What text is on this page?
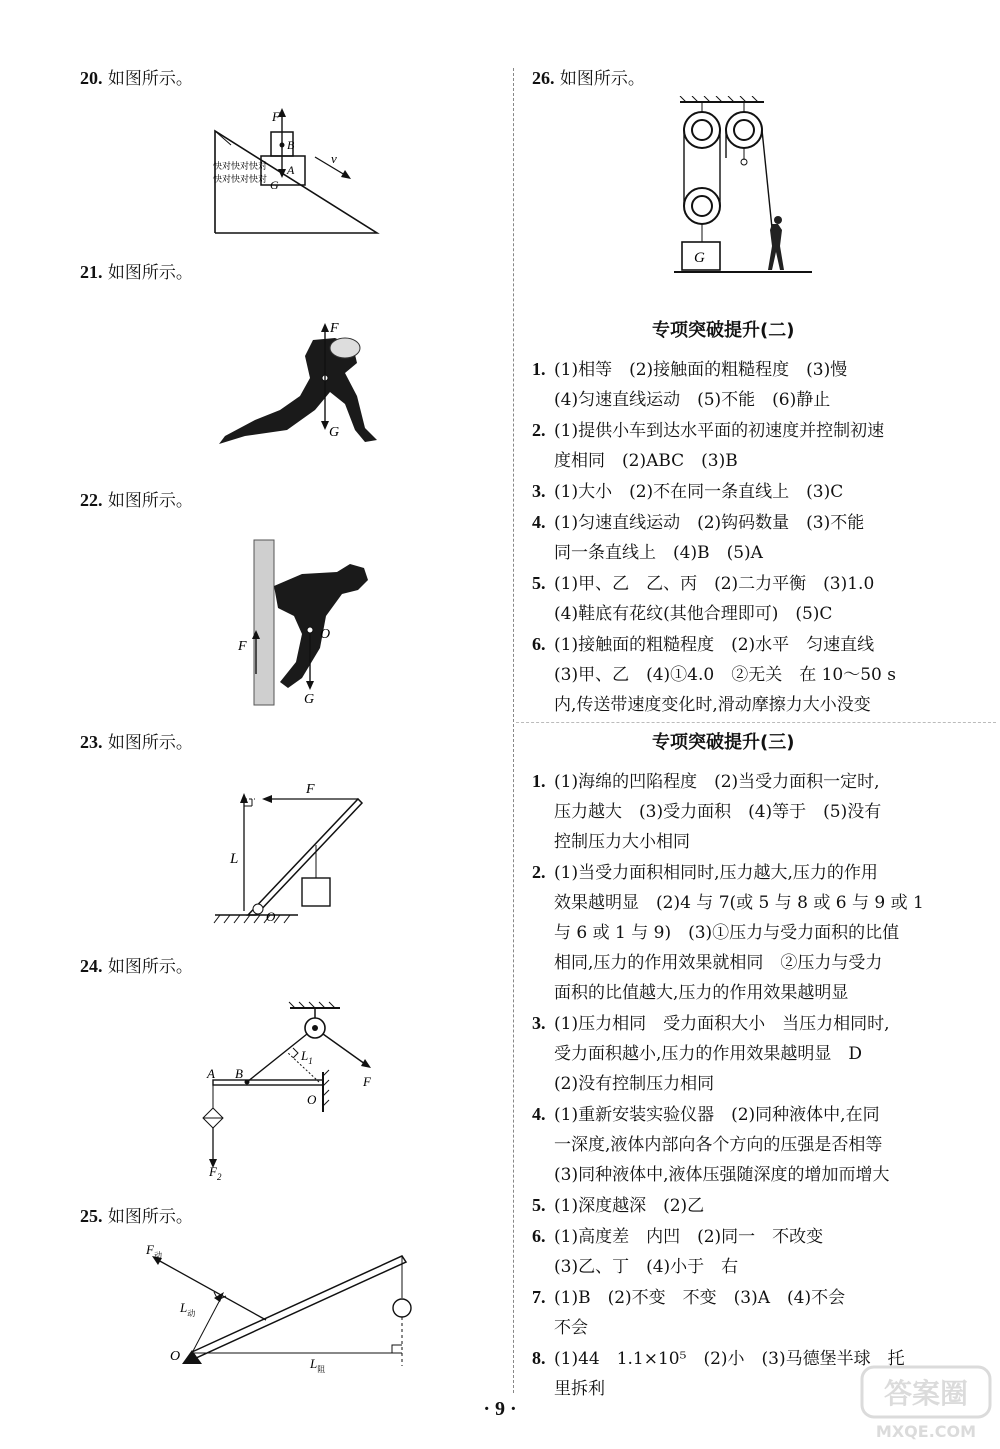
20. 如图所示。
F
B
A
G
v
快对快对快对
快对快对快对
21. 如图所示。
F
G
22. 如图所示。
F
O
G
23. 如图所示。
F
L
O
24. 如图所示。
A B
$L_1$
O
F
$F_2$
25. 如图所示。
$F_动$
$L_动$
O	$L_阻$
26. 如图所示。
G
专项突破提升(二)
1. (1)相等　(2)接触面的粗糙程度　(3)慢
(4)匀速直线运动　(5)不能　(6)静止
2. (1)提供小车到达水平面的初速度并控制初速
度相同　(2)ABC　(3)B
3. (1)大小　(2)不在同一条直线上　(3)C
4. (1)匀速直线运动　(2)钩码数量　(3)不能
同一条直线上　(4)B　(5)A
5. (1)甲、乙　乙、丙　(2)二力平衡　(3)1.0
(4)鞋底有花纹(其他合理即可)　(5)C
6. (1)接触面的粗糙程度　(2)水平　匀速直线
(3)甲、乙　(4)①4.0　②无关　在 10～50 s
内,传送带速度变化时,滑动摩擦力大小没变
专项突破提升(三)
1. (1)海绵的凹陷程度　(2)当受力面积一定时,
压力越大　(3)受力面积　(4)等于　(5)没有
控制压力大小相同
2. (1)当受力面积相同时,压力越大,压力的作用
效果越明显　(2)4 与 7(或 5 与 8 或 6 与 9 或 1
与 6 或 1 与 9)　(3)①压力与受力面积的比值
相同,压力的作用效果就相同　②压力与受力
面积的比值越大,压力的作用效果越明显
3. (1)压力相同　受力面积大小　当压力相同时,
受力面积越小,压力的作用效果越明显　D
(2)没有控制压力相同
4. (1)重新安装实验仪器　(2)同种液体中,在同
一深度,液体内部向各个方向的压强是否相等
(3)同种液体中,液体压强随深度的增加而增大
5. (1)深度越深　(2)乙
6. (1)高度差　内凹　(2)同一　不改变
(3)乙、丁　(4)小于　右
7. (1)B　(2)不变　不变　(3)A　(4)不会
不会
8. (1)44　1.1×10⁵　(2)小　(3)马德堡半球　托
里拆利
· 9 ·	答案圈
MXQE.COM
